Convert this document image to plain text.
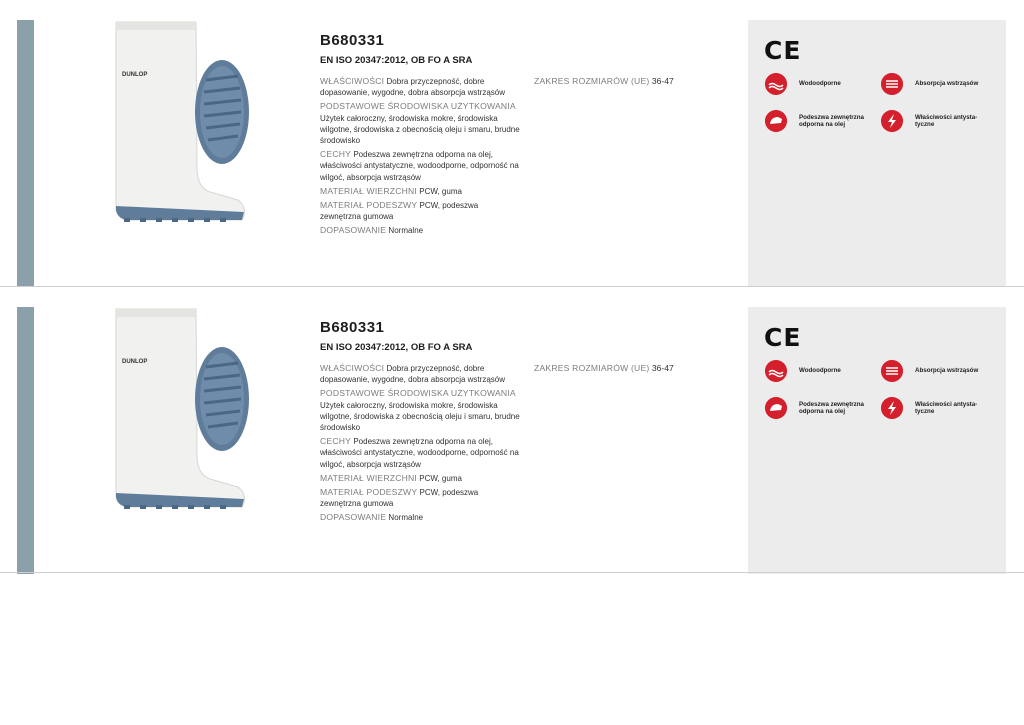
DUNLOP
B680331
EN ISO 20347:2012, OB FO A SRA

WŁAŚCIWOŚCI Dobra przyczepność, dobre dopasowanie, wygodne, dobra absorpcja wstrząsów

PODSTAWOWE ŚRODOWISKA UŻYTKOWANIA
Użytek całoroczny, środowiska mokre, środowiska wilgotne, środowiska z obecnością oleju i smaru, brudne środowisko

CECHY Podeszwa zewnętrzna odporna na olej, właściwości antystatyczne, wodoodporne, odporność na wilgoć, absorpcja wstrząsów

MATERIAŁ WIERZCHNI PCW, guma

MATERIAŁ PODESZWY PCW, podeszwa zewnętrzna gumowa

DOPASOWANIE Normalne

ZAKRES ROZMIARÓW (UE) 36-47
CE
Wodoodporne	Absorpcja wstrząsów
Podeszwa zewnętrzna odporna na olej
Właściwości antysta-tyczne
DUNLOP
B680331
EN ISO 20347:2012, OB FO A SRA

WŁAŚCIWOŚCI Dobra przyczepność, dobre dopasowanie, wygodne, dobra absorpcja wstrząsów

PODSTAWOWE ŚRODOWISKA UŻYTKOWANIA
Użytek całoroczny, środowiska mokre, środowiska wilgotne, środowiska z obecnością oleju i smaru, brudne środowisko

CECHY Podeszwa zewnętrzna odporna na olej, właściwości antystatyczne, wodoodporne, odporność na wilgoć, absorpcja wstrząsów

MATERIAŁ WIERZCHNI PCW, guma

MATERIAŁ PODESZWY PCW, podeszwa zewnętrzna gumowa

DOPASOWANIE Normalne

ZAKRES ROZMIARÓW (UE) 36-47
CE
Wodoodporne	Absorpcja wstrząsów
Podeszwa zewnętrzna odporna na olej
Właściwości antysta-tyczne
